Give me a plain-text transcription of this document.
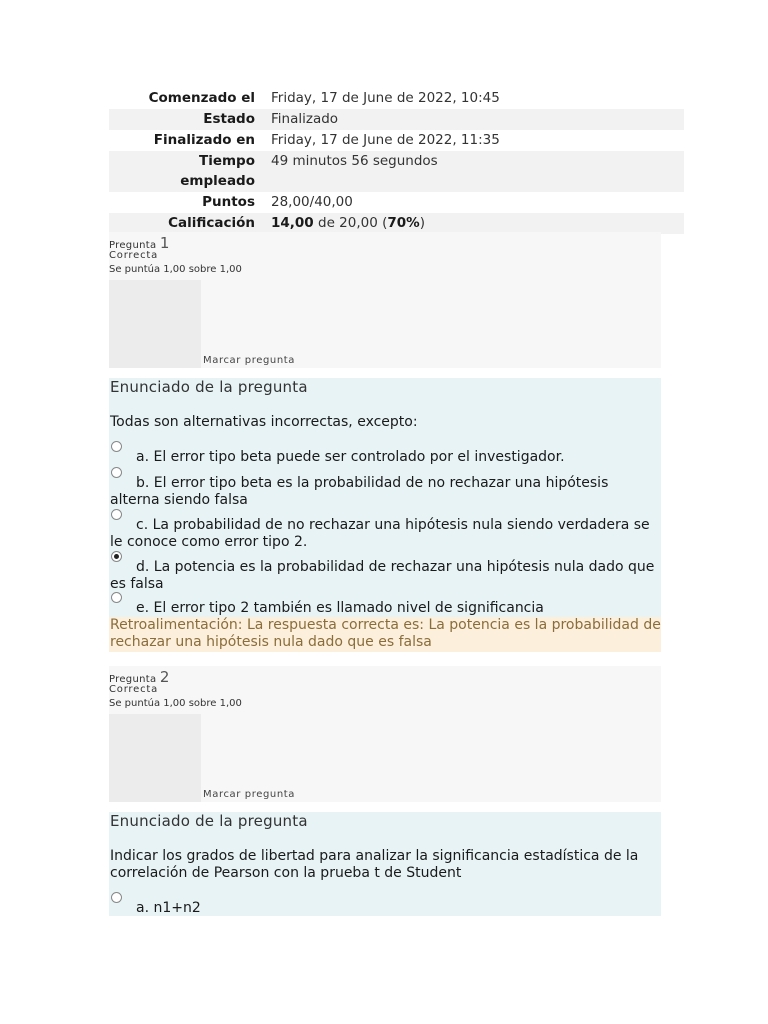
Comenzado el	Friday, 17 de June de 2022, 10:45
Estado	Finalizado
Finalizado en	Friday, 17 de June de 2022, 11:35
Tiempo
empleado	49 minutos 56 segundos
Puntos	28,00/40,00
Calificación	14,00 de 20,00 (70%)
Pregunta 1
Correcta
Se puntúa 1,00 sobre 1,00
Marcar pregunta
Enunciado de la pregunta
Todas son alternativas incorrectas, excepto:
a. El error tipo beta puede ser controlado por el investigador.
b. El error tipo beta es la probabilidad de no rechazar una hipótesis alterna siendo falsa
c. La probabilidad de no rechazar una hipótesis nula siendo verdadera se le conoce como error tipo 2.
d. La potencia es la probabilidad de rechazar una hipótesis nula dado que es falsa
e. El error tipo 2 también es llamado nivel de significancia
Retroalimentación: La respuesta correcta es: La potencia es la probabilidad de rechazar una hipótesis nula dado que es falsa
Pregunta 2
Correcta
Se puntúa 1,00 sobre 1,00
Marcar pregunta
Enunciado de la pregunta
Indicar los grados de libertad para analizar la significancia estadística de la correlación de Pearson con la prueba t de Student
a. n1+n2
